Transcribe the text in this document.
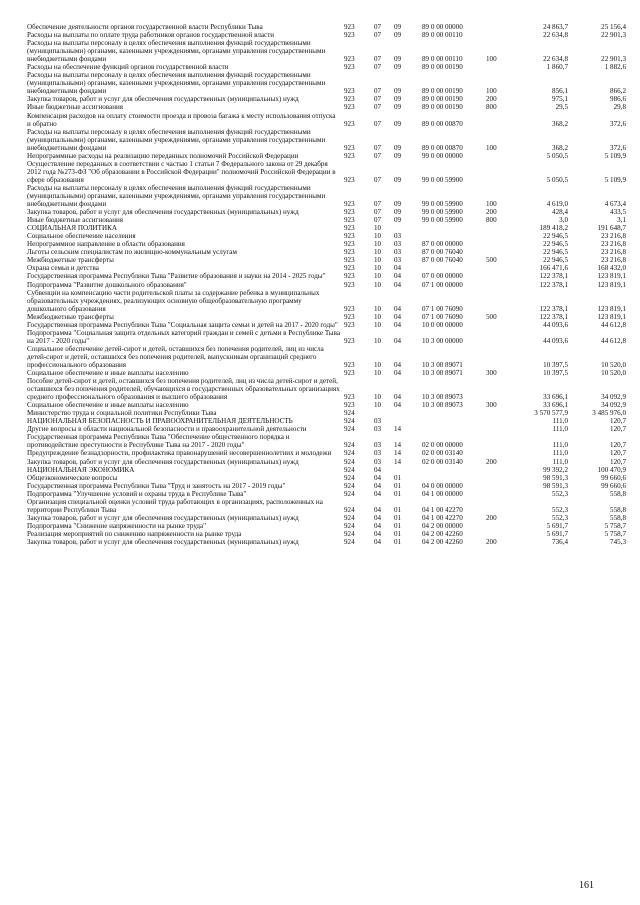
Обеспечение деятельности органов государственной власти Республики Тыва	923	07	09	89 0 00 00000		24 863,7	25 156,4
Расходы на выплаты по оплате труда работников органов государственной власти	923	07	09	89 0 00 00110		22 634,8	22 901,3
Расходы на выплаты персоналу в целях обеспечения выполнения функций государственными (муниципальными) органами, казенными учреждениями, органами управления государственными внебюджетными фондами	923	07	09	89 0 00 00110	100	22 634,8	22 901,3
Расходы на обеспечение функций органов государственной власти	923	07	09	89 0 00 00190		1 860,7	1 882,6
Расходы на выплаты персоналу в целях обеспечения выполнения функций государственными (муниципальными) органами, казенными учреждениями, органами управления государственными внебюджетными фондами	923	07	09	89 0 00 00190	100	856,1	866,2
Закупка товаров, работ и услуг для обеспечения государственных (муниципальных) нужд	923	07	09	89 0 00 00190	200	975,1	986,6
Иные бюджетные ассигнования	923	07	09	89 0 00 00190	800	29,5	29,8
Компенсация расходов на оплату стоимости проезда и провоза багажа к месту использования отпуска и обратно	923	07	09	89 0 00 00870		368,2	372,6
Расходы на выплаты персоналу в целях обеспечения выполнения функций государственными (муниципальными) органами, казенными учреждениями, органами управления государственными внебюджетными фондами	923	07	09	89 0 00 00870	100	368,2	372,6
Непрограммные расходы на реализацию переданных полномочий Российской Федерации	923	07	09	99 0 00 00000		5 050,5	5 109,9
Осуществление переданных в соответствии с частью 1 статьи 7 Федерального закона от 29 декабря 2012 года №273-ФЗ "Об образовании в Российской Федерации" полномочий Российской Федерации в сфере образования	923	07	09	99 0 00 59900		5 050,5	5 109,9
Расходы на выплаты персоналу в целях обеспечения выполнения функций государственными (муниципальными) органами, казенными учреждениями, органами управления государственными внебюджетными фондами	923	07	09	99 0 00 59900	100	4 619,0	4 673,4
Закупка товаров, работ и услуг для обеспечения государственных (муниципальных) нужд	923	07	09	99 0 00 59900	200	428,4	433,5
Иные бюджетные ассигнования	923	07	09	99 0 00 59900	800	3,0	3,1
СОЦИАЛЬНАЯ ПОЛИТИКА	923	10				189 418,2	191 648,7
Социальное обеспечение населения	923	10	03			22 946,5	23 216,8
Непрограммное направление в области образования	923	10	03	87 0 00 00000		22 946,5	23 216,8
Льготы сельским специалистам по жилищно-коммунальным услугам	923	10	03	87 0 00 76040		22 946,5	23 216,8
Межбюджетные трансферты	923	10	03	87 0 00 76040	500	22 946,5	23 216,8
Охрана семьи и детства	923	10	04			166 471,6	168 432,0
Государственная программа Республики Тыва "Развитие образования и науки на 2014 - 2025 годы"	923	10	04	07 0 00 00000		122 378,1	123 819,1
Подпрограмма "Развитие дошкольного образования"	923	10	04	07 1 00 00000		122 378,1	123 819,1
Субвенции на компенсацию части родительской платы за содержание ребенка в муниципальных образовательных учреждениях, реализующих основную общеобразовательную программу дошкольного образования	923	10	04	07 1 00 76090		122 378,1	123 819,1
Межбюджетные трансферты	923	10	04	07 1 00 76090	500	122 378,1	123 819,1
Государственная программа Республики Тыва "Социальная защита семьи и детей на 2017 - 2020 годы"	923	10	04	10 0 00 00000		44 093,6	44 612,8
Подпрограмма "Социальная защита отдельных категорий граждан и семей с детьми в Республике Тыва на 2017 - 2020 годы"	923	10	04	10 3 00 00000		44 093,6	44 612,8
Социальное обеспечение детей-сирот и детей, оставшихся без попечения родителей, лиц из числа детей-сирот и детей, оставшихся без попечения родителей, выпускникам организаций среднего профессионального образования	923	10	04	10 3 00 89071		10 397,5	10 520,0
Социальное обеспечение и иные выплаты населению	923	10	04	10 3 00 89071	300	10 397,5	10 520,0
Пособие детей-сирот и детей, оставшихся без попечения родителей, лиц из числа детей-сирот и детей, оставшихся без попечения родителей, обучающихся в государственных образовательных организациях среднего профессионального образования и высшего образования	923	10	04	10 3 00 89073		33 696,1	34 092,9
Социальное обеспечение и иные выплаты населению	923	10	04	10 3 00 89073	300	33 696,1	34 092,9
Министерство труда и социальной политики Республики Тыва	924					3 570 577,9	3 485 976,0
НАЦИОНАЛЬНАЯ БЕЗОПАСНОСТЬ И ПРАВООХРАНИТЕЛЬНАЯ ДЕЯТЕЛЬНОСТЬ	924	03				111,0	120,7
Другие вопросы в области национальной безопасности и правоохранительной деятельности	924	03	14			111,0	120,7
Государственная программа Республики Тыва "Обеспечение общественного порядка и противодействие преступности в Республике Тыва на 2017 - 2020 годы"	924	03	14	02 0 00 00000		111,0	120,7
Предупреждение безнадзорности, профилактика правонарушений несовершеннолетних и молодежи	924	03	14	02 0 00 03140		111,0	120,7
Закупка товаров, работ и услуг для обеспечения государственных (муниципальных) нужд	924	03	14	02 0 00 03140	200	111,0	120,7
НАЦИОНАЛЬНАЯ ЭКОНОМИКА	924	04				99 392,2	100 470,9
Общеэкономические вопросы	924	04	01			98 591,3	99 660,6
Государственная программа Республики Тыва "Труд и занятость на 2017 - 2019 годы"	924	04	01	04 0 00 00000		98 591,3	99 660,6
Подпрограмма "Улучшение условий и охраны труда в Республике Тыва"	924	04	01	04 1 00 00000		552,3	558,8
Организация специальной оценки условий труда работающих в организациях, расположенных на территории Республики Тыва	924	04	01	04 1 00 42270		552,3	558,8
Закупка товаров, работ и услуг для обеспечения государственных (муниципальных) нужд	924	04	01	04 1 00 42270	200	552,3	558,8
Подпрограмма "Снижение напряженности на рынке труда"	924	04	01	04 2 00 00000		5 691,7	5 758,7
Реализация мероприятий по снижению напряженности на рынке труда	924	04	01	04 2 00 42260		5 691,7	5 758,7
Закупка товаров, работ и услуг для обеспечения государственных (муниципальных) нужд	924	04	01	04 2 00 42260	200	736,4	745,3
161
